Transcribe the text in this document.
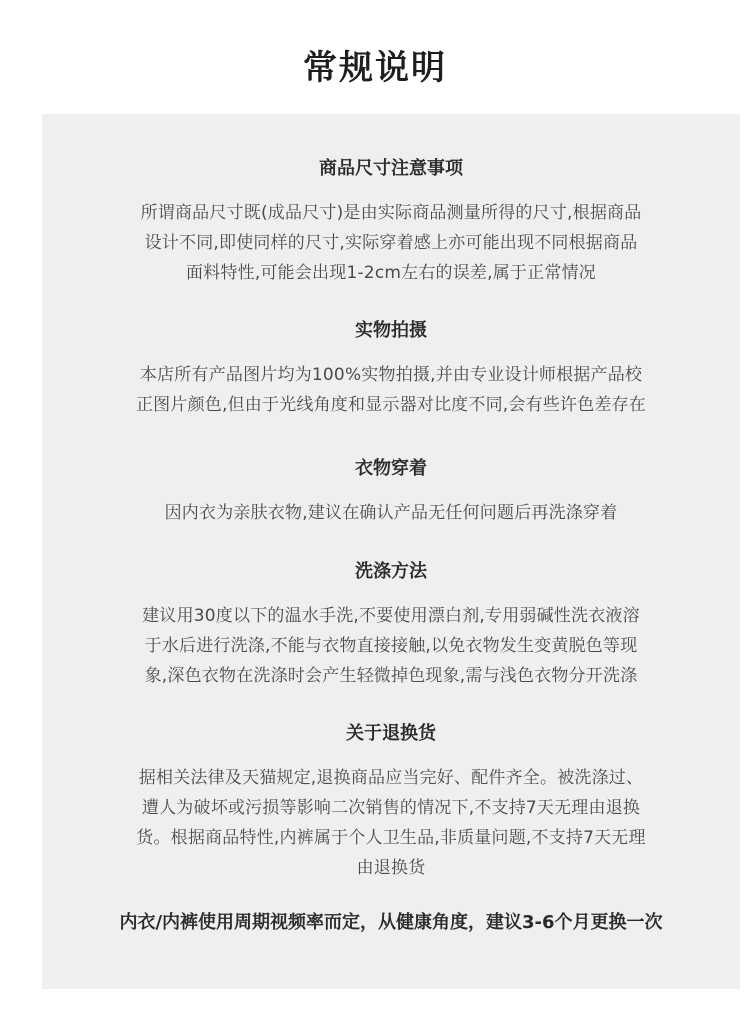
常规说明
商品尺寸注意事项
所谓商品尺寸既(成品尺寸)是由实际商品测量所得的尺寸,根据商品
设计不同,即使同样的尺寸,实际穿着感上亦可能出现不同根据商品
面料特性,可能会出现1-2cm左右的误差,属于正常情况
实物拍摄
本店所有产品图片均为100%实物拍摄,并由专业设计师根据产品校
正图片颜色,但由于光线角度和显示器对比度不同,会有些许色差存在
衣物穿着
因内衣为亲肤衣物,建议在确认产品无任何问题后再洗涤穿着
洗涤方法
建议用30度以下的温水手洗,不要使用漂白剂,专用弱碱性洗衣液溶
于水后进行洗涤,不能与衣物直接接触,以免衣物发生变黄脱色等现
象,深色衣物在洗涤时会产生轻微掉色现象,需与浅色衣物分开洗涤
关于退换货
据相关法律及天猫规定,退换商品应当完好、配件齐全。被洗涤过、
遭人为破坏或污损等影响二次销售的情况下,不支持7天无理由退换
货。根据商品特性,内裤属于个人卫生品,非质量问题,不支持7天无理
由退换货
内衣/内裤使用周期视频率而定，从健康角度，建议3-6个月更换一次
